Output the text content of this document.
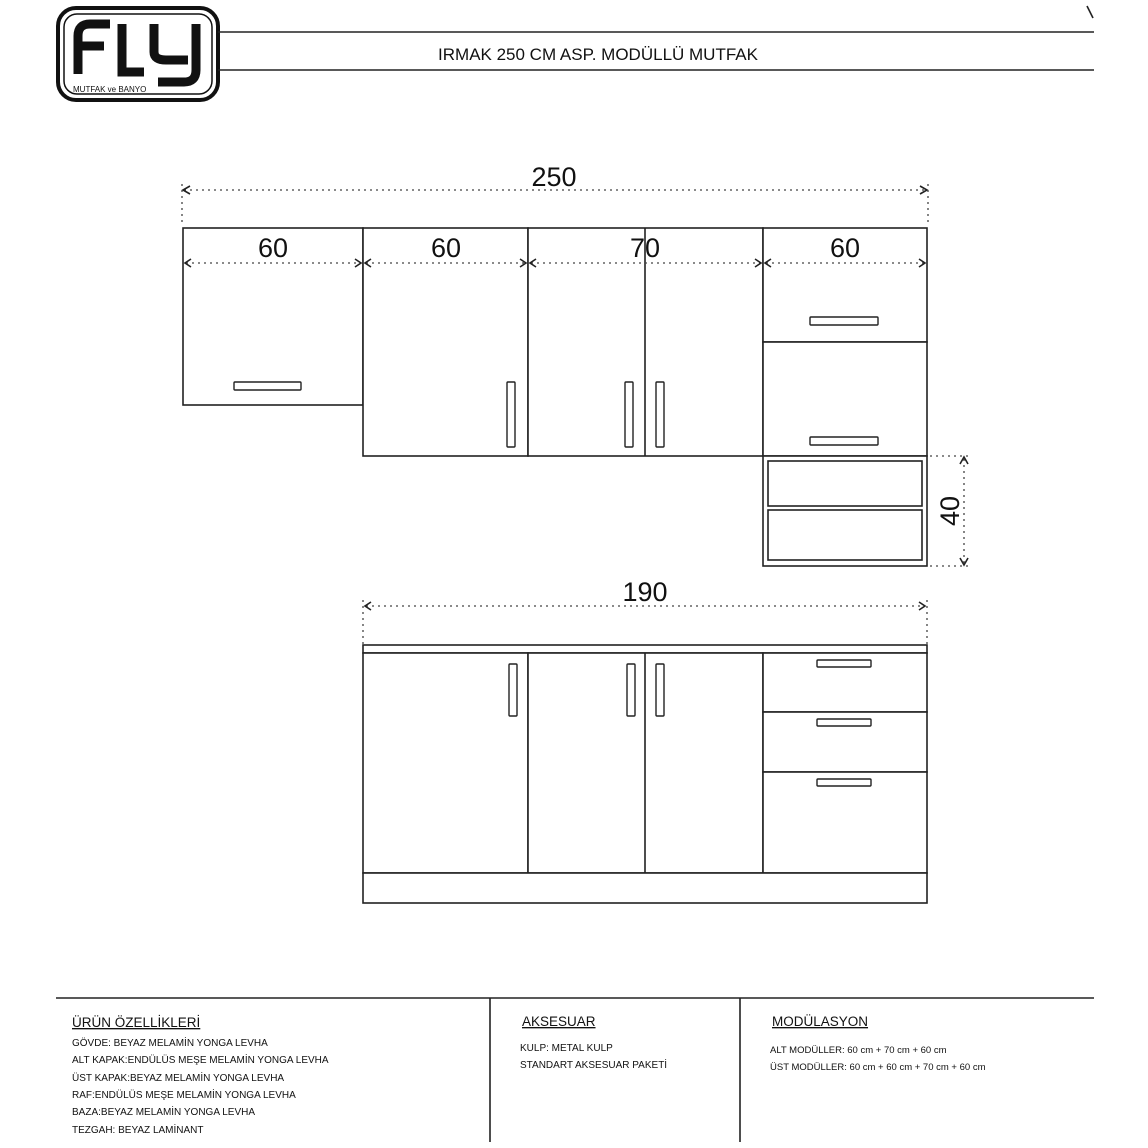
MUTFAK ve BANYO
IRMAK 250 CM ASP. MODÜLLÜ MUTFAK
250
60	60	70	60
40
190
ÜRÜN ÖZELLİKLERİ
GÖVDE: BEYAZ MELAMİN YONGA LEVHA
ALT KAPAK:ENDÜLÜS MEŞE MELAMİN YONGA LEVHA
ÜST KAPAK:BEYAZ MELAMİN YONGA LEVHA
RAF:ENDÜLÜS MEŞE MELAMİN YONGA LEVHA
BAZA:BEYAZ MELAMİN YONGA LEVHA
TEZGAH: BEYAZ LAMİNANT
AKSESUAR
KULP: METAL KULP
STANDART AKSESUAR PAKETİ
MODÜLASYON
ALT MODÜLLER: 60 cm + 70 cm + 60 cm
ÜST MODÜLLER: 60 cm + 60 cm + 70 cm + 60 cm
